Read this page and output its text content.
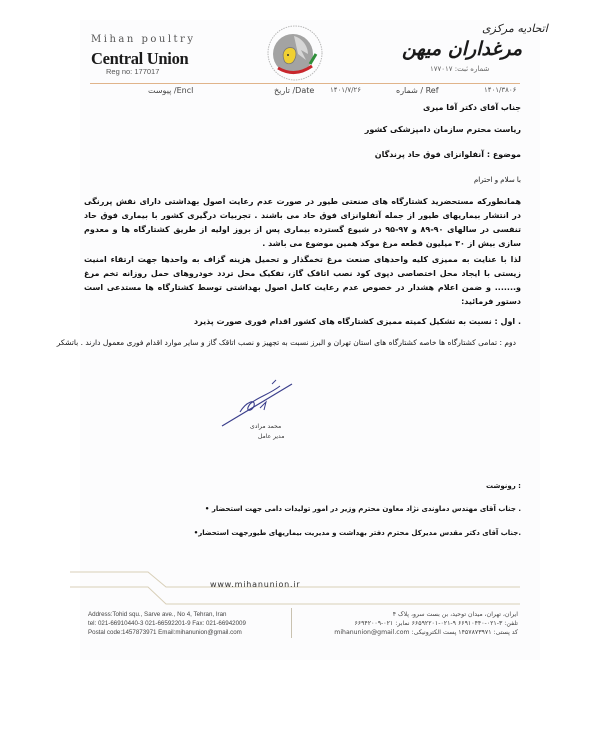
Mihan poultry
Central Union
Reg no: 177017
اتحادیه مرکزی
مرغداران میهن
شماره ثبت: ۱۷۷۰۱۷
۱۴۰۱/۳۸۰۶
شماره / Ref
۱۴۰۱/۷/۲۶
تاریخ /Date
پیوست /Encl
جناب آقای دکتر آقا میری
ریاست محترم سازمان دامپزشکی کشور
موضوع : آنفلوانزای فوق حاد پرندگان
با سلام و احترام
همانطورکه مستحضرید کشتارگاه های صنعتی طیور در صورت عدم رعایت اصول بهداشتی دارای نقش پررنگی در انتشار بیماریهای طیور از جمله آنفلوانزای فوق حاد می باشند . تجربیات درگیری کشور با بیماری فوق حاد تنفسی در سالهای ۹۰-۸۹ و ۹۷-۹۵ در شیوع گسترده بیماری پس از بروز اولیه از طریق کشتارگاه ها و معدوم سازی بیش از ۳۰ میلیون قطعه مرغ موکد همین موضوع می باشد .
لذا با عنایت به ممیزی کلیه واحدهای صنعت مرغ تخمگذار و تحمیل هزینه گزاف به واحدها جهت ارتقاء امنیت زیستی با ایجاد محل اختصاصی دپوی کود نصب اتاقک گاز، تفکیک محل تردد خودروهای حمل روزانه تخم مرغ و....... و ضمن اعلام هشدار در خصوص عدم رعایت کامل اصول بهداشتی توسط کشتارگاه ها مستدعی است دستور فرمائید:
اول : نسبت به تشکیل کمیته ممیزی کشتارگاه های کشور اقدام فوری صورت پذیرد .
دوم : تمامی کشتارگاه ها خاصه کشتارگاه های استان تهران و البرز نسبت به تجهیز و نصب اتاقک گاز و سایر موارد اقدام فوری معمول دارند . باتشکر
محمد مرادی
مدیر عامل
رونوشت :
• جناب آقای مهندس دماوندی نژاد معاون محترم وزیر در امور تولیدات دامی جهت استحضار .
•جناب آقای دکتر مقدس مدیرکل محترم دفتر بهداشت و مدیریت بیماریهای طیورجهت استحضار.
www.mihanunion.ir
Address:Tohid squ., Sarve ave., No 4, Tehran, Iran
tel: 021-66910440-3 021-66592201-9 Fax: 021-66942009
Postal code:1457873971 Email:mihanunion@gmail.com
ایران، تهران، میدان توحید، بن بست سرو، پلاک ۴
تلفن: ۳-۰۲۱-۶۶۹۱۰۴۴۰ ۹-۰۲۱-۶۶۵۹۲۲۰۱ نمابر: ۰۲۱-۶۶۹۴۲۰۰۹
کد پستی: ۱۴۵۷۸۷۳۹۷۱ پست الکترونیکی: mihanunion@gmail.com
